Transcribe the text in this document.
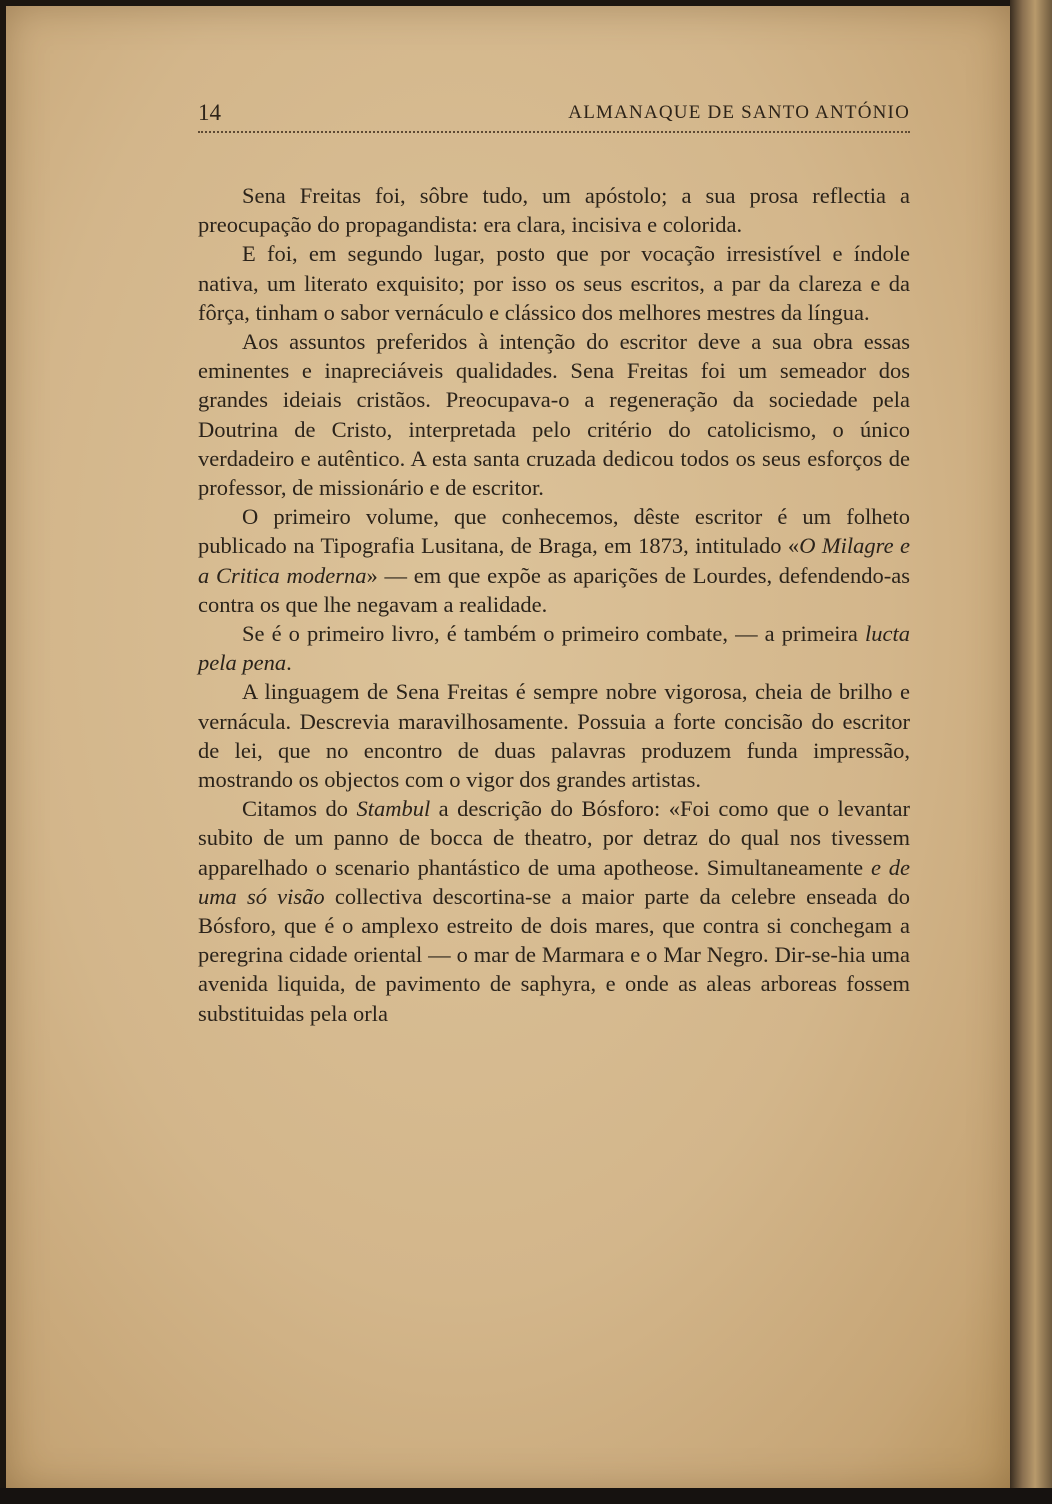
14	ALMANAQUE DE SANTO ANTÓNIO

Sena Freitas foi, sôbre tudo, um apóstolo; a sua prosa reflectia a preocupação do propagandista: era clara, incisiva e colorida.

E foi, em segundo lugar, posto que por vocação irresistível e índole nativa, um literato exquisito; por isso os seus escritos, a par da clareza e da fôrça, tinham o sabor vernáculo e clássico dos melhores mestres da língua.

Aos assuntos preferidos à intenção do escritor deve a sua obra essas eminentes e inapreciáveis qualidades. Sena Freitas foi um semeador dos grandes ideiais cristãos. Preocupava-o a regeneração da sociedade pela Doutrina de Cristo, interpretada pelo critério do catolicismo, o único verdadeiro e autêntico. A esta santa cruzada dedicou todos os seus esforços de professor, de missionário e de escritor.

O primeiro volume, que conhecemos, dêste escritor é um folheto publicado na Tipografia Lusitana, de Braga, em 1873, intitulado «O Milagre e a Critica moderna» — em que expõe as aparições de Lourdes, defendendo-as contra os que lhe negavam a realidade.

Se é o primeiro livro, é também o primeiro combate, — a primeira lucta pela pena.

A linguagem de Sena Freitas é sempre nobre vigorosa, cheia de brilho e vernácula. Descrevia maravilhosamente. Possuia a forte concisão do escritor de lei, que no encontro de duas palavras produzem funda impressão, mostrando os objectos com o vigor dos grandes artistas.

Citamos do Stambul a descrição do Bósforo: «Foi como que o levantar subito de um panno de bocca de theatro, por detraz do qual nos tivessem apparelhado o scenario phantástico de uma apotheose. Simultaneamente e de uma só visão collectiva descortina-se a maior parte da celebre enseada do Bósforo, que é o amplexo estreito de dois mares, que contra si conchegam a peregrina cidade oriental — o mar de Marmara e o Mar Negro. Dir-se-hia uma avenida liquida, de pavimento de saphyra, e onde as aleas arboreas fossem substituidas pela orla
